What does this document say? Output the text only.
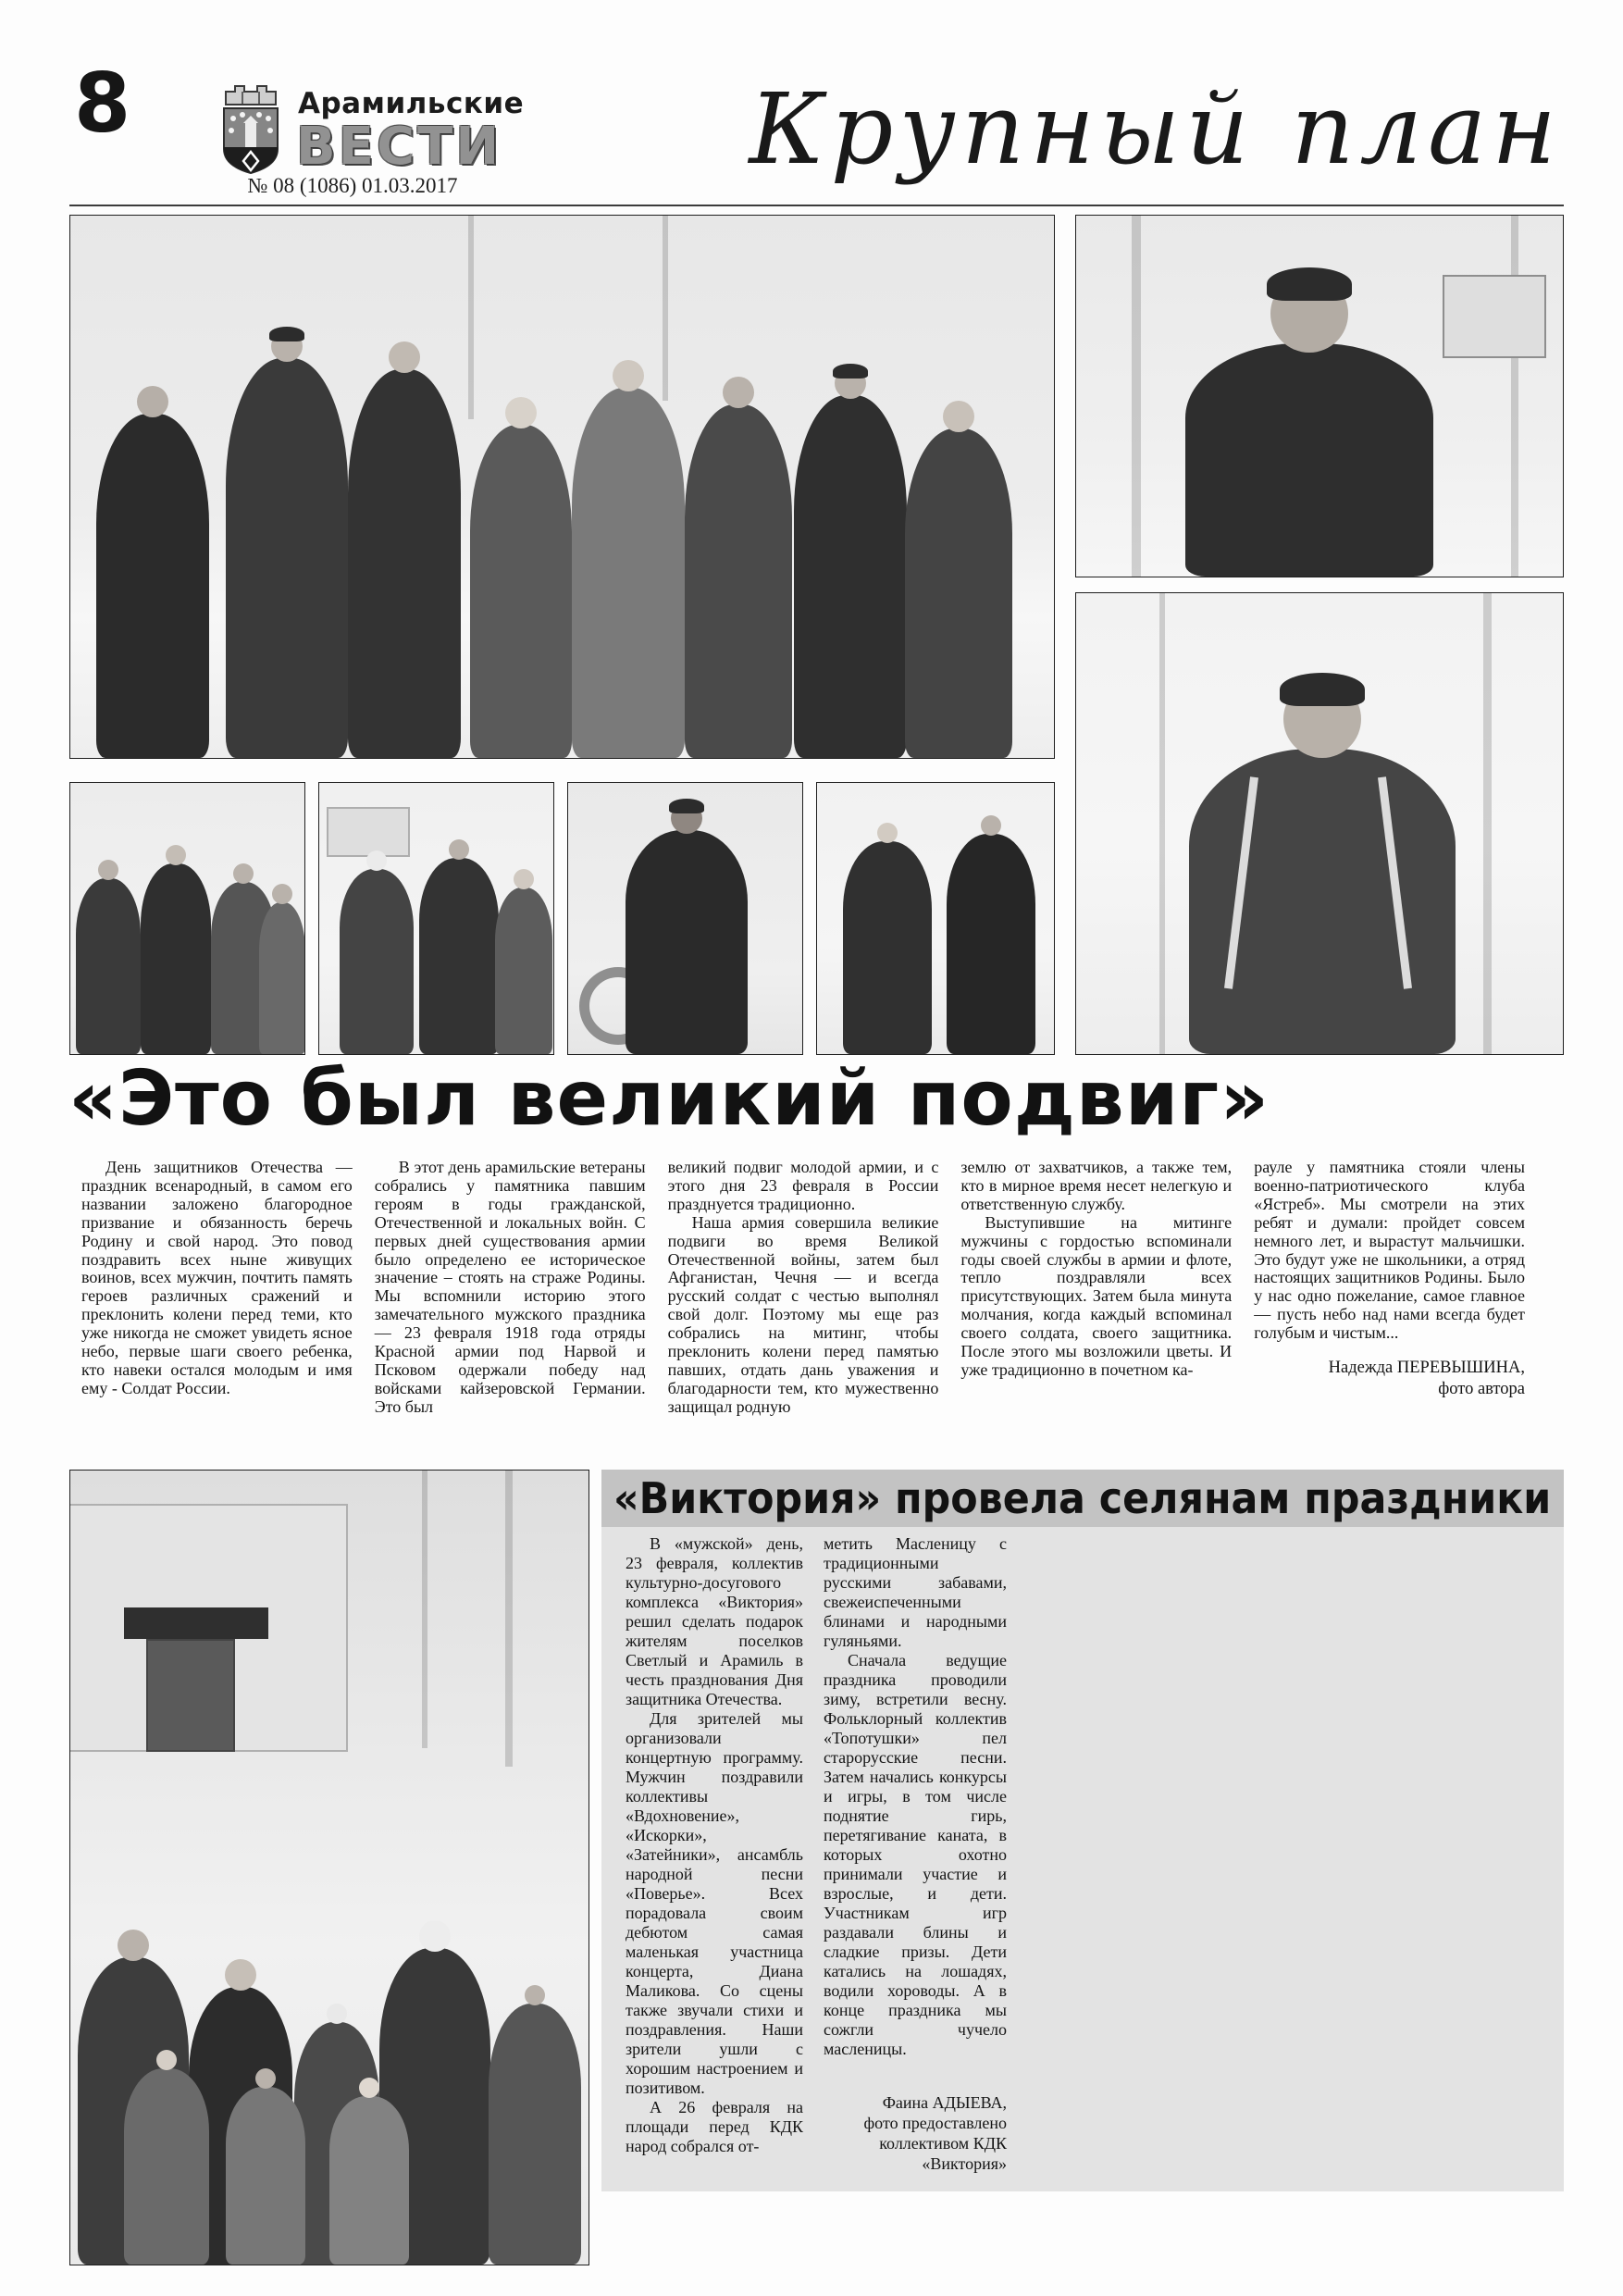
8	Арамильские
ВЕСТИ
№ 08 (1086) 01.03.2017	Крупный план
«Это был великий подвиг»

День защитников Отечества — праздник всенародный, в самом его названии заложено благородное призвание и обязанность беречь Родину и свой народ. Это повод поздравить всех ныне живущих воинов, всех мужчин, почтить память героев различных сражений и преклонить колени перед теми, кто уже никогда не сможет увидеть ясное небо, первые шаги своего ребенка, кто навеки остался молодым и имя ему - Солдат России.

В этот день арамильские ветераны собрались у памятника павшим героям в годы гражданской, Отечественной и локальных войн. С первых дней существования армии было определено ее историческое значение – стоять на страже Родины. Мы вспомнили историю этого замечательного мужского праздника — 23 февраля 1918 года отряды Красной армии под Нарвой и Псковом одержали победу над войсками кайзеровской Германии. Это был

великий подвиг молодой армии, и с этого дня 23 февраля в России празднуется традиционно.

Наша армия совершила великие подвиги во время Великой Отечественной войны, затем был Афганистан, Чечня — и всегда русский солдат с честью выполнял свой долг. Поэтому мы еще раз собрались на митинг, чтобы преклонить колени перед памятью павших, отдать дань уважения и благодарности тем, кто мужественно защищал родную

землю от захватчиков, а также тем, кто в мирное время несет нелегкую и ответственную службу.

Выступившие на митинге мужчины с гордостью вспоминали годы своей службы в армии и флоте, тепло поздравляли всех присутствующих. Затем была минута молчания, когда каждый вспоминал своего солдата, своего защитника. После этого мы возложили цветы. И уже традиционно в почетном ка-

рауле у памятника стояли члены военно-патриотического клуба «Ястреб». Мы смотрели на этих ребят и думали: пройдет совсем немного лет, и вырастут мальчишки. Это будут уже не школьники, а отряд настоящих защитников Родины. Было у нас одно пожелание, самое главное — пусть небо над нами всегда будет голубым и чистым...

Надежда ПЕРЕВЫШИНА,
фото автора
«Виктория» провела селянам праздники

В «мужской» день, 23 февраля, коллектив культурно-досугового комплекса «Виктория» решил сделать подарок жителям поселков Светлый и Арамиль в честь празднования Дня защитника Отечества.

Для зрителей мы организовали концертную программу. Мужчин поздравили коллективы «Вдохновение», «Искорки», «Затейники», ансамбль народной песни «Поверье». Всех порадовала своим дебютом самая маленькая участница концерта, Диана Маликова. Со сцены также звучали стихи и поздравления. Наши зрители ушли с хорошим настроением и позитивом.

А 26 февраля на площади перед КДК народ собрался от-

метить Масленицу с традиционными русскими забавами, свежеиспеченными блинами и народными гуляньями.

Сначала ведущие праздника проводили зиму, встретили весну. Фольклорный коллектив «Топотушки» пел старорусские песни. Затем начались конкурсы и игры, в том числе поднятие гирь, перетягивание каната, в которых охотно принимали участие и взрослые, и дети. Участникам игр раздавали блины и сладкие призы. Дети катались на лошадях, водили хороводы. А в конце праздника мы сожгли чучело масленицы.

Фаина АДЫЕВА,
фото предоставлено коллективом КДК «Виктория»
